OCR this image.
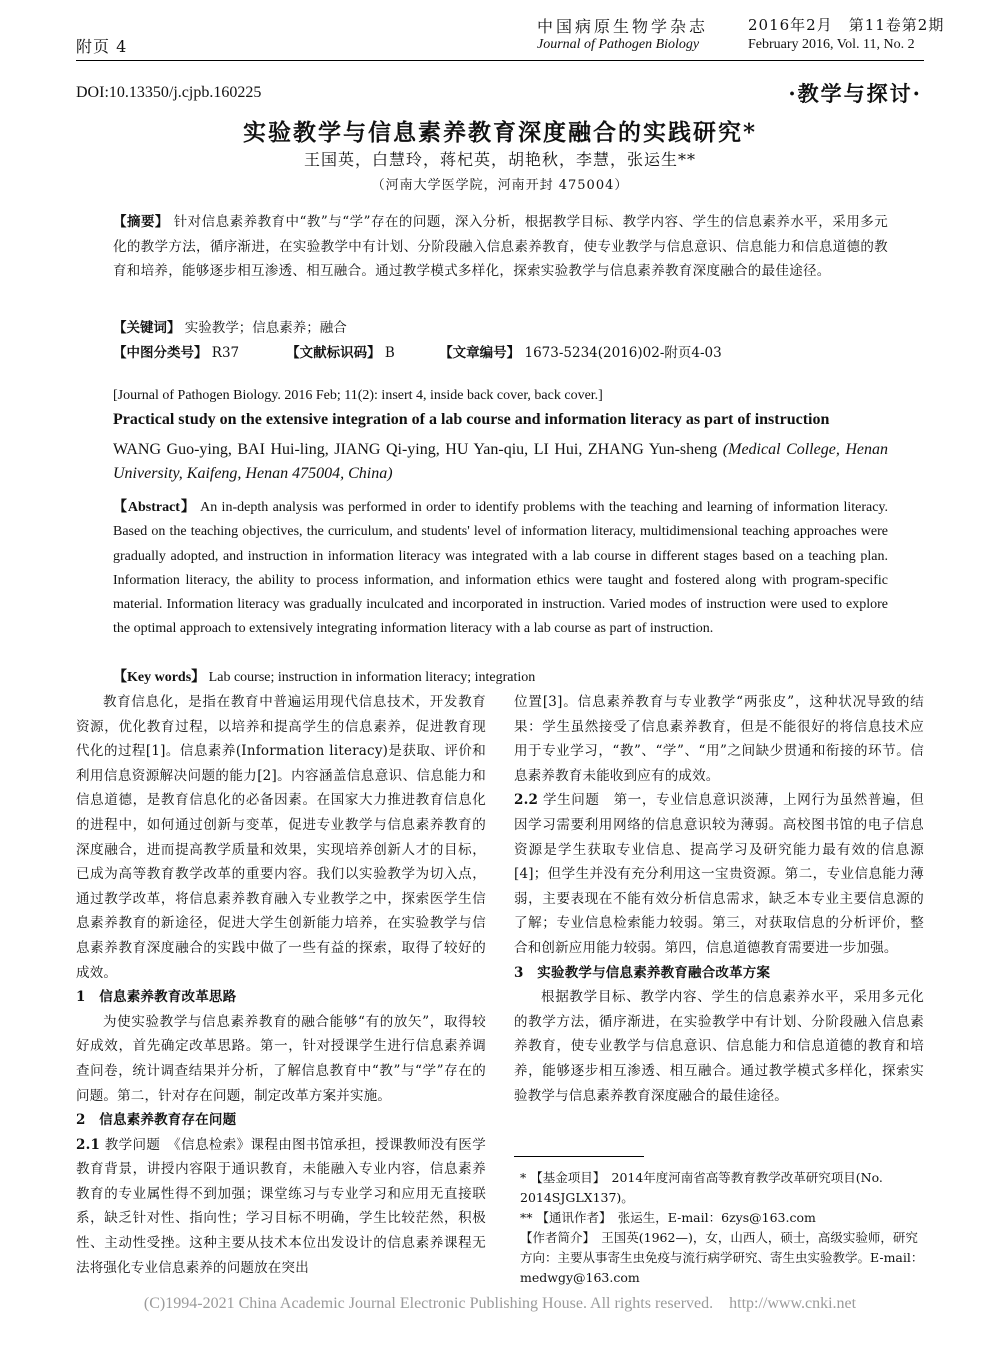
附页 4
中国病原生物学杂志	2016年2月　第11卷第2期
Journal of Pathogen Biology	February 2016, Vol. 11, No. 2
DOI:10.13350/j.cjpb.160225	·教学与探讨·
实验教学与信息素养教育深度融合的实践研究*
王国英，白慧玲，蒋杞英，胡艳秋，李慧，张运生**
（河南大学医学院，河南开封 475004）
【摘要】 针对信息素养教育中“教”与“学”存在的问题，深入分析，根据教学目标、教学内容、学生的信息素养水平，采用多元化的教学方法，循序渐进，在实验教学中有计划、分阶段融入信息素养教育，使专业教学与信息意识、信息能力和信息道德的教育和培养，能够逐步相互渗透、相互融合。通过教学模式多样化，探索实验教学与信息素养教育深度融合的最佳途径。
【关键词】 实验教学；信息素养；融合
【中图分类号】 R37	【文献标识码】 B	【文章编号】 1673-5234(2016)02-附页4-03
[Journal of Pathogen Biology. 2016 Feb; 11(2): insert 4, inside back cover, back cover.]
Practical study on the extensive integration of a lab course and information literacy as part of instruction
WANG Guo-ying, BAI Hui-ling, JIANG Qi-ying, HU Yan-qiu, LI Hui, ZHANG Yun-sheng (Medical College, Henan University, Kaifeng, Henan 475004, China)
【Abstract】 An in-depth analysis was performed in order to identify problems with the teaching and learning of information literacy. Based on the teaching objectives, the curriculum, and students' level of information literacy, multidimensional teaching approaches were gradually adopted, and instruction in information literacy was integrated with a lab course in different stages based on a teaching plan. Information literacy, the ability to process information, and information ethics were taught and fostered along with program-specific material. Information literacy was gradually inculcated and incorporated in instruction. Varied modes of instruction were used to explore the optimal approach to extensively integrating information literacy with a lab course as part of instruction.
【Key words】 Lab course; instruction in information literacy; integration

教育信息化，是指在教育中普遍运用现代信息技术，开发教育资源，优化教育过程，以培养和提高学生的信息素养，促进教育现代化的过程[1]。信息素养(Information literacy)是获取、评价和利用信息资源解决问题的能力[2]。内容涵盖信息意识、信息能力和信息道德，是教育信息化的必备因素。在国家大力推进教育信息化的进程中，如何通过创新与变革，促进专业教学与信息素养教育的深度融合，进而提高教学质量和效果，实现培养创新人才的目标，已成为高等教育教学改革的重要内容。我们以实验教学为切入点，通过教学改革，将信息素养教育融入专业教学之中，探索医学生信息素养教育的新途径，促进大学生创新能力培养，在实验教学与信息素养教育深度融合的实践中做了一些有益的探索，取得了较好的成效。

1　信息素养教育改革思路

为使实验教学与信息素养教育的融合能够“有的放矢”，取得较好成效，首先确定改革思路。第一，针对授课学生进行信息素养调查问卷，统计调查结果并分析，了解信息教育中“教”与“学”存在的问题。第二，针对存在问题，制定改革方案并实施。

2　信息素养教育存在问题

2.1 教学问题　《信息检索》课程由图书馆承担，授课教师没有医学教育背景，讲授内容限于通识教育，未能融入专业内容，信息素养教育的专业属性得不到加强；课堂练习与专业学习和应用无直接联系，缺乏针对性、指向性；学习目标不明确，学生比较茫然，积极性、主动性受挫。这种主要从技术本位出发设计的信息素养课程无法将强化专业信息素养的问题放在突出

位置[3]。信息素养教育与专业教学“两张皮”，这种状况导致的结果：学生虽然接受了信息素养教育，但是不能很好的将信息技术应用于专业学习，“教”、“学”、“用”之间缺少贯通和衔接的环节。信息素养教育未能收到应有的成效。

2.2 学生问题　第一，专业信息意识淡薄，上网行为虽然普遍，但因学习需要利用网络的信息意识较为薄弱。高校图书馆的电子信息资源是学生获取专业信息、提高学习及研究能力最有效的信息源[4]；但学生并没有充分利用这一宝贵资源。第二，专业信息能力薄弱，主要表现在不能有效分析信息需求，缺乏本专业主要信息源的了解；专业信息检索能力较弱。第三，对获取信息的分析评价，整合和创新应用能力较弱。第四，信息道德教育需要进一步加强。

3　实验教学与信息素养教育融合改革方案

根据教学目标、教学内容、学生的信息素养水平，采用多元化的教学方法，循序渐进，在实验教学中有计划、分阶段融入信息素养教育，使专业教学与信息意识、信息能力和信息道德的教育和培养，能够逐步相互渗透、相互融合。通过教学模式多样化，探索实验教学与信息素养教育深度融合的最佳途径。

* 【基金项目】　2014年度河南省高等教育教学改革研究项目(No. 2014SJGLX137)。
** 【通讯作者】　张运生，E-mail：6zys@163.com
【作者简介】　王国英(1962—)，女，山西人，硕士，高级实验师，研究方向：主要从事寄生虫免疫与流行病学研究、寄生虫实验教学。E-mail：medwgy@163.com
(C)1994-2021 China Academic Journal Electronic Publishing House. All rights reserved.　http://www.cnki.net
